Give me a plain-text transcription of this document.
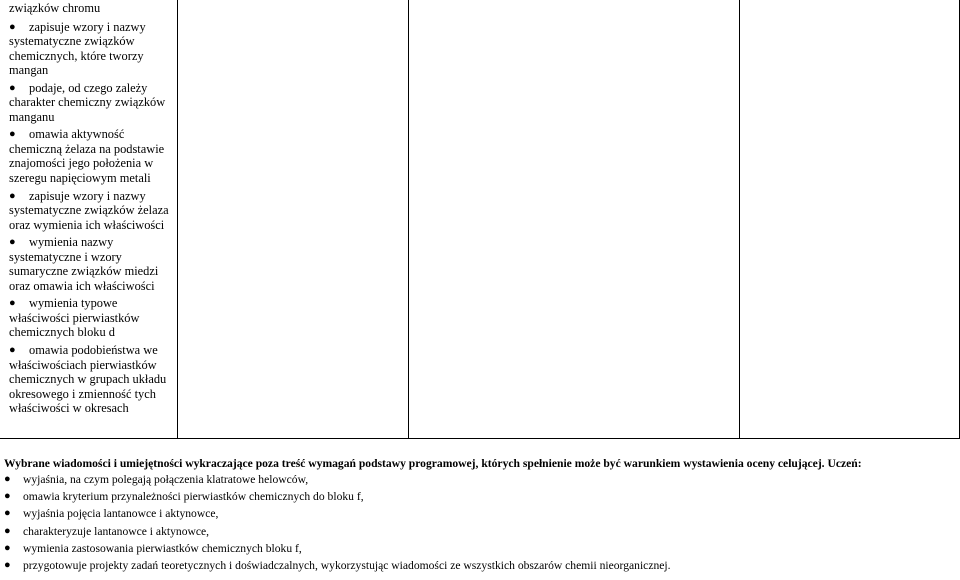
związków chromu
● zapisuje wzory i nazwy systematyczne związków chemicznych, które tworzy mangan
● podaje, od czego zależy charakter chemiczny związków manganu
● omawia aktywność chemiczną żelaza na podstawie znajomości jego położenia w szeregu napięciowym metali
● zapisuje wzory i nazwy systematyczne związków żelaza oraz wymienia ich właściwości
● wymienia nazwy systematyczne i wzory sumaryczne związków miedzi oraz omawia ich właściwości
● wymienia typowe właściwości pierwiastków chemicznych bloku d
● omawia podobieństwa we właściwościach pierwiastków chemicznych w grupach układu okresowego i zmienność tych właściwości w okresach
Wybrane wiadomości i umiejętności wykraczające poza treść wymagań podstawy programowej, których spełnienie może być warunkiem wystawienia oceny celującej. Uczeń:
● wyjaśnia, na czym polegają połączenia klatratowe helowców,
● omawia kryterium przynależności pierwiastków chemicznych do bloku f,
● wyjaśnia pojęcia lantanowce i aktynowce,
● charakteryzuje lantanowce i aktynowce,
● wymienia zastosowania pierwiastków chemicznych bloku f,
● przygotowuje projekty zadań teoretycznych i doświadczalnych, wykorzystując wiadomości ze wszystkich obszarów chemii nieorganicznej.
